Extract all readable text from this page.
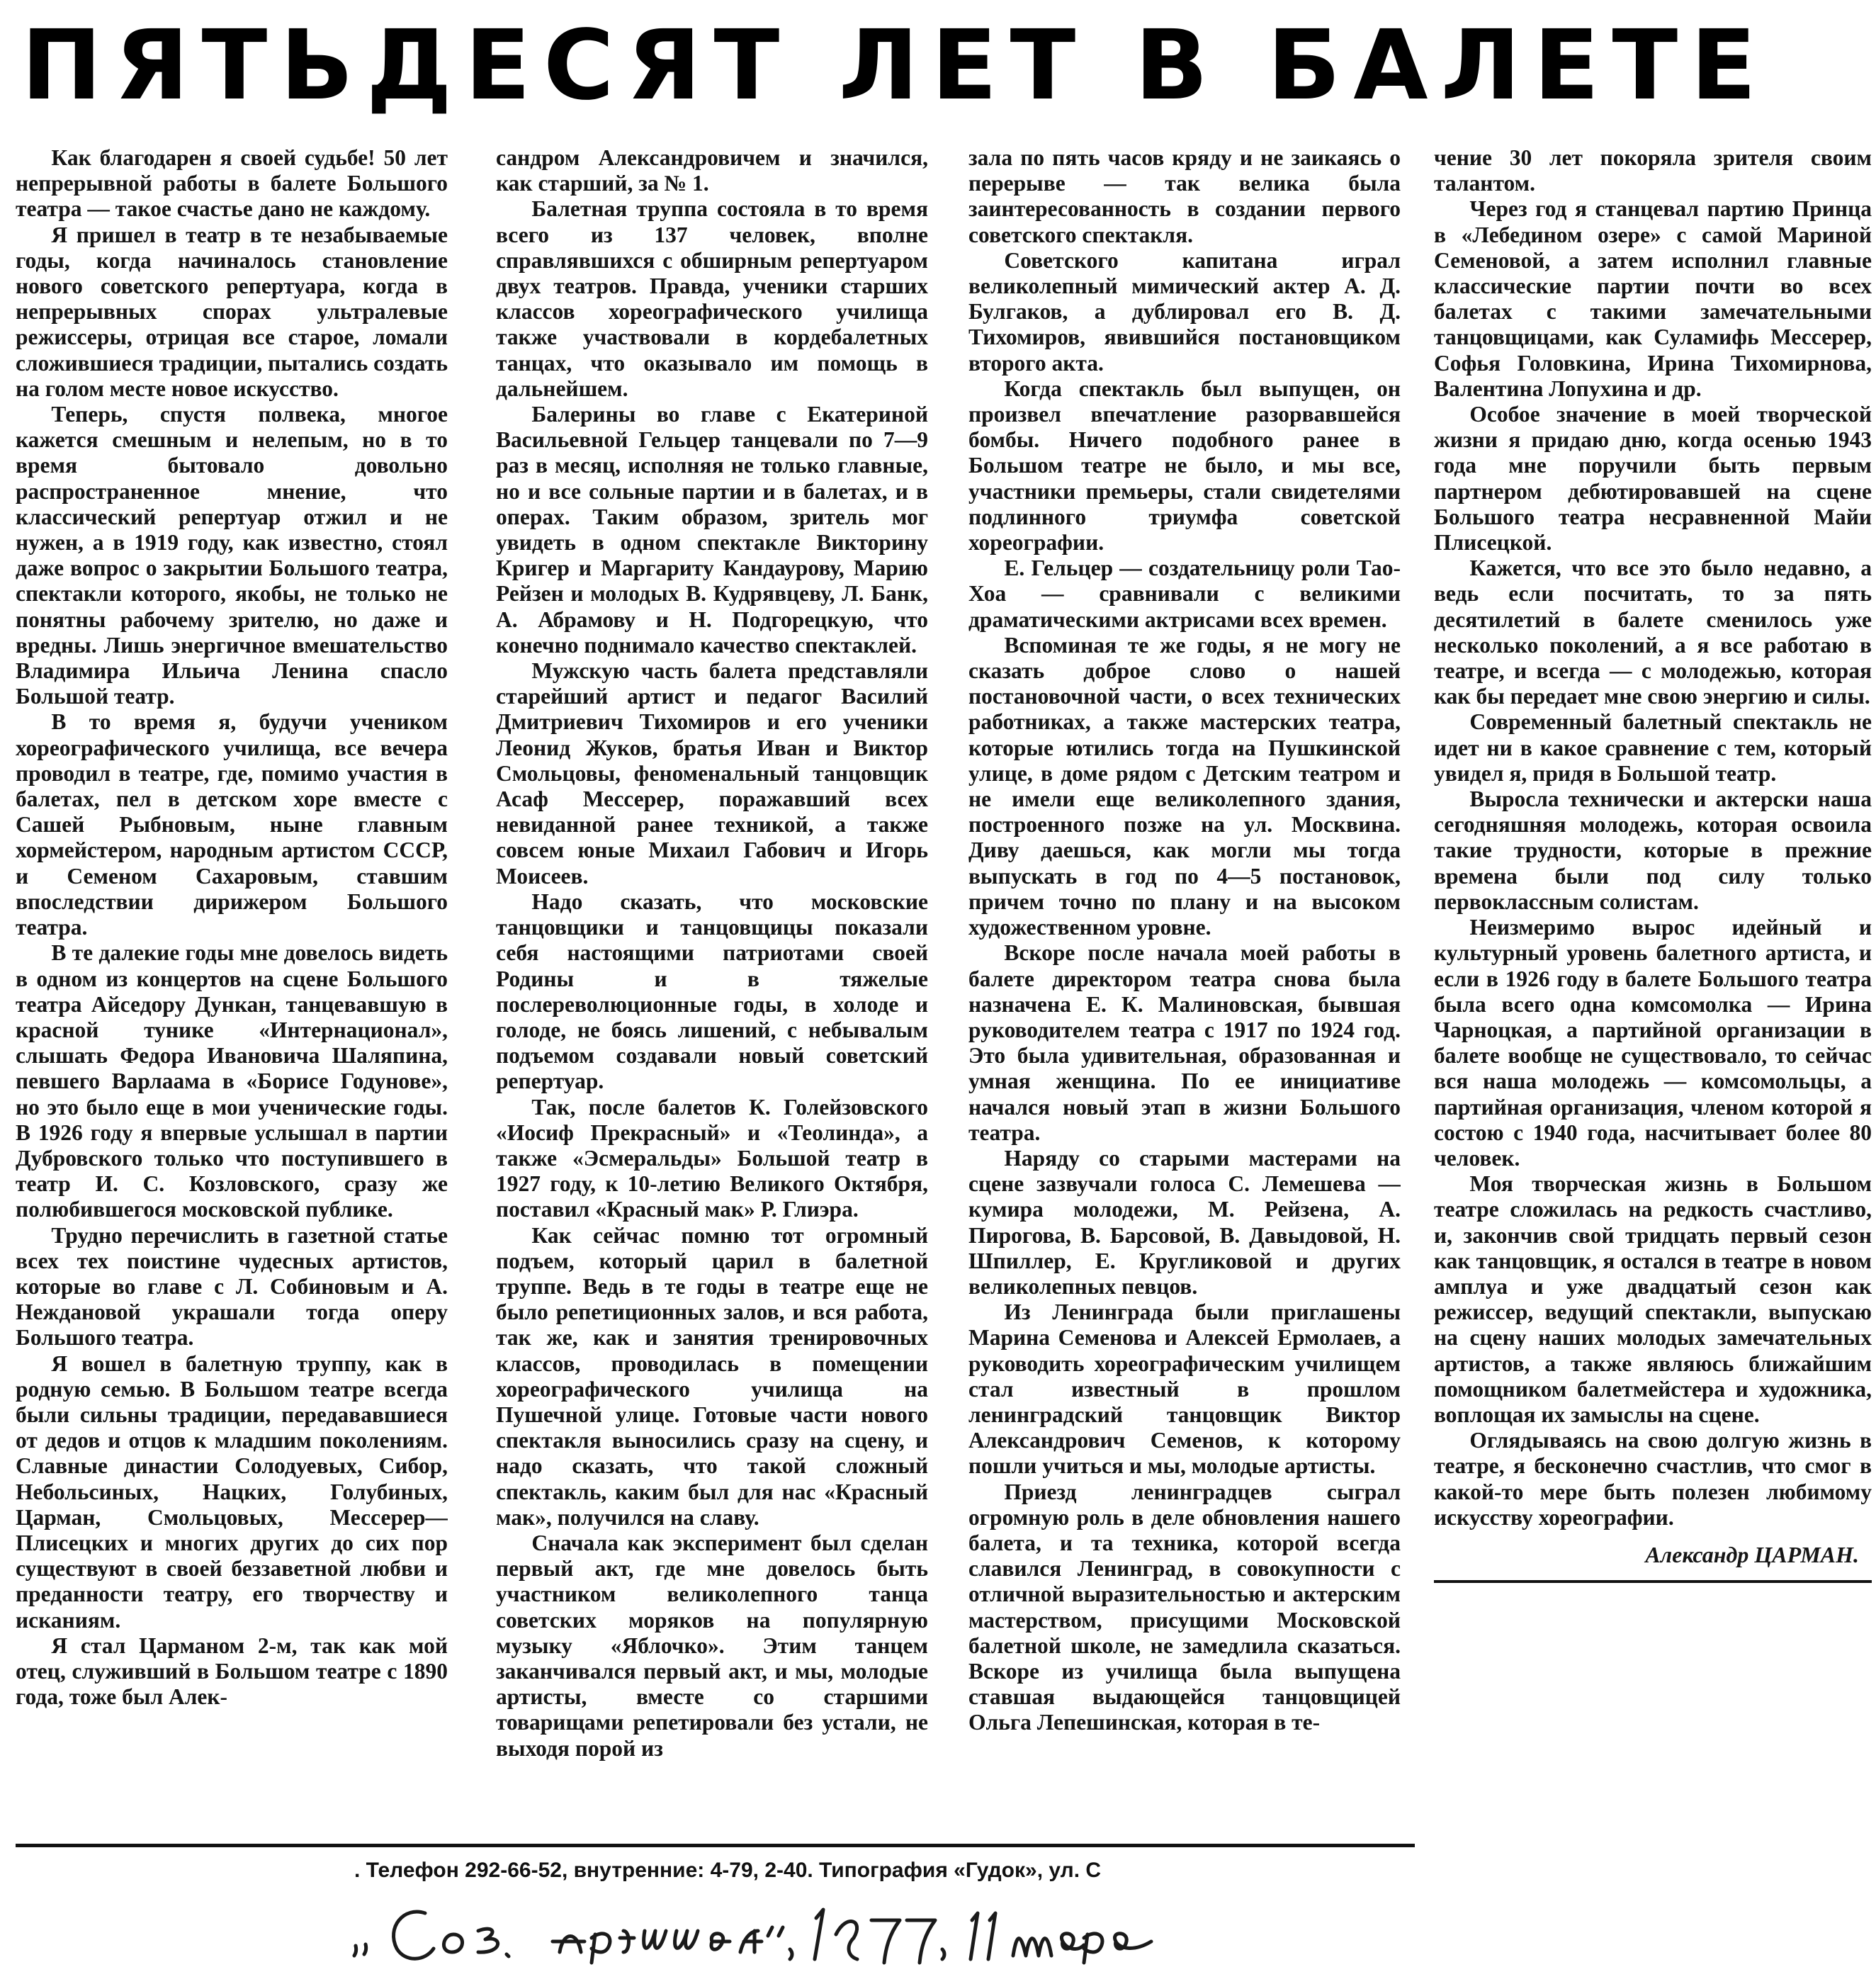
ПЯТЬДЕСЯТ ЛЕТ В БАЛЕТЕ

Как благодарен я своей судьбе! 50 лет непрерывной работы в балете Большого театра — такое счастье дано не каждому.

Я пришел в театр в те незабываемые годы, когда начиналось становление нового советского репертуара, когда в непрерывных спорах ультралевые режиссеры, отрицая все старое, ломали сложившиеся традиции, пытались создать на голом месте новое искусство.

Теперь, спустя полвека, многое кажется смешным и нелепым, но в то время бытовало довольно распространенное мнение, что классический репертуар отжил и не нужен, а в 1919 году, как известно, стоял даже вопрос о закрытии Большого театра, спектакли которого, якобы, не только не понятны рабочему зрителю, но даже и вредны. Лишь энергичное вмешательство Владимира Ильича Ленина спасло Большой театр.

В то время я, будучи учеником хореографического училища, все вечера проводил в театре, где, помимо участия в балетах, пел в детском хоре вместе с Сашей Рыбновым, ныне главным хормейстером, народным артистом СССР, и Семеном Сахаровым, ставшим впоследствии дирижером Большого театра.

В те далекие годы мне довелось видеть в одном из концертов на сцене Большого театра Айседору Дункан, танцевавшую в красной тунике «Интернационал», слышать Федора Ивановича Шаляпина, певшего Варлаама в «Борисе Годунове», но это было еще в мои ученические годы. В 1926 году я впервые услышал в партии Дубровского только что поступившего в театр И. С. Козловского, сразу же полюбившегося московской публике.

Трудно перечислить в газетной статье всех тех поистине чудесных артистов, которые во главе с Л. Собиновым и А. Неждановой украшали тогда оперу Большого театра.

Я вошел в балетную труппу, как в родную семью. В Большом театре всегда были сильны традиции, передававшиеся от дедов и отцов к младшим поколениям. Славные династии Солодуевых, Сибор, Небольсиных, Нацких, Голубиных, Царман, Смольцовых, Мессерер—Плисецких и многих других до сих пор существуют в своей беззаветной любви и преданности театру, его творчеству и исканиям.

Я стал Царманом 2-м, так как мой отец, служивший в Большом театре с 1890 года, тоже был Алек-

сандром Александровичем и значился, как старший, за № 1.

Балетная труппа состояла в то время всего из 137 человек, вполне справлявшихся с обширным репертуаром двух театров. Правда, ученики старших классов хореографического училища также участвовали в кордебалетных танцах, что оказывало им помощь в дальнейшем.

Балерины во главе с Екатериной Васильевной Гельцер танцевали по 7—9 раз в месяц, исполняя не только главные, но и все сольные партии и в балетах, и в операх. Таким образом, зритель мог увидеть в одном спектакле Викторину Кригер и Маргариту Кандаурову, Марию Рейзен и молодых В. Кудрявцеву, Л. Банк, А. Абрамову и Н. Подгорецкую, что конечно поднимало качество спектаклей.

Мужскую часть балета представляли старейший артист и педагог Василий Дмитриевич Тихомиров и его ученики Леонид Жуков, братья Иван и Виктор Смольцовы, феноменальный танцовщик Асаф Мессерер, поражавший всех невиданной ранее техникой, а также совсем юные Михаил Габович и Игорь Моисеев.

Надо сказать, что московские танцовщики и танцовщицы показали себя настоящими патриотами своей Родины и в тяжелые послереволюционные годы, в холоде и голоде, не боясь лишений, с небывалым подъемом создавали новый советский репертуар.

Так, после балетов К. Голейзовского «Иосиф Прекрасный» и «Теолинда», а также «Эсмеральды» Большой театр в 1927 году, к 10-летию Великого Октября, поставил «Красный мак» Р. Глиэра.

Как сейчас помню тот огромный подъем, который царил в балетной труппе. Ведь в те годы в театре еще не было репетиционных залов, и вся работа, так же, как и занятия тренировочных классов, проводилась в помещении хореографического училища на Пушечной улице. Готовые части нового спектакля выносились сразу на сцену, и надо сказать, что такой сложный спектакль, каким был для нас «Красный мак», получился на славу.

Сначала как эксперимент был сделан первый акт, где мне довелось быть участником великолепного танца советских моряков на популярную музыку «Яблочко». Этим танцем заканчивался первый акт, и мы, молодые артисты, вместе со старшими товарищами репетировали без устали, не выходя порой из

зала по пять часов кряду и не заикаясь о перерыве — так велика была заинтересованность в создании первого советского спектакля.

Советского капитана играл великолепный мимический актер А. Д. Булгаков, а дублировал его В. Д. Тихомиров, явившийся постановщиком второго акта.

Когда спектакль был выпущен, он произвел впечатление разорвавшейся бомбы. Ничего подобного ранее в Большом театре не было, и мы все, участники премьеры, стали свидетелями подлинного триумфа советской хореографии.

Е. Гельцер — создательницу роли Тао-Хоа — сравнивали с великими драматическими актрисами всех времен.

Вспоминая те же годы, я не могу не сказать доброе слово о нашей постановочной части, о всех технических работниках, а также мастерских театра, которые ютились тогда на Пушкинской улице, в доме рядом с Детским театром и не имели еще великолепного здания, построенного позже на ул. Москвина. Диву даешься, как могли мы тогда выпускать в год по 4—5 постановок, причем точно по плану и на высоком художественном уровне.

Вскоре после начала моей работы в балете директором театра снова была назначена Е. К. Малиновская, бывшая руководителем театра с 1917 по 1924 год. Это была удивительная, образованная и умная женщина. По ее инициативе начался новый этап в жизни Большого театра.

Наряду со старыми мастерами на сцене зазвучали голоса С. Лемешева — кумира молодежи, М. Рейзена, А. Пирогова, В. Барсовой, В. Давыдовой, Н. Шпиллер, Е. Кругликовой и других великолепных певцов.

Из Ленинграда были приглашены Марина Семенова и Алексей Ермолаев, а руководить хореографическим училищем стал известный в прошлом ленинградский танцовщик Виктор Александрович Семенов, к которому пошли учиться и мы, молодые артисты.

Приезд ленинградцев сыграл огромную роль в деле обновления нашего балета, и та техника, которой всегда славился Ленинград, в совокупности с отличной выразительностью и актерским мастерством, присущими Московской балетной школе, не замедлила сказаться. Вскоре из училища была выпущена ставшая выдающейся танцовщицей Ольга Лепешинская, которая в те-

чение 30 лет покоряла зрителя своим талантом.

Через год я станцевал партию Принца в «Лебедином озере» с самой Мариной Семеновой, а затем исполнил главные классические партии почти во всех балетах с такими замечательными танцовщицами, как Суламифь Мессерер, Софья Головкина, Ирина Тихомирнова, Валентина Лопухина и др.

Особое значение в моей творческой жизни я придаю дню, когда осенью 1943 года мне поручили быть первым партнером дебютировавшей на сцене Большого театра несравненной Майи Плисецкой.

Кажется, что все это было недавно, а ведь если посчитать, то за пять десятилетий в балете сменилось уже несколько поколений, а я все работаю в театре, и всегда — с молодежью, которая как бы передает мне свою энергию и силы.

Современный балетный спектакль не идет ни в какое сравнение с тем, который увидел я, придя в Большой театр.

Выросла технически и актерски наша сегодняшняя молодежь, которая освоила такие трудности, которые в прежние времена были под силу только первоклассным солистам.

Неизмеримо вырос идейный и культурный уровень балетного артиста, и если в 1926 году в балете Большого театра была всего одна комсомолка — Ирина Чарноцкая, а партийной организации в балете вообще не существовало, то сейчас вся наша молодежь — комсомольцы, а партийная организация, членом которой я состою с 1940 года, насчитывает более 80 человек.

Моя творческая жизнь в Большом театре сложилась на редкость счастливо, и, закончив свой тридцать первый сезон как танцовщик, я остался в театре в новом амплуа и уже двадцатый сезон как режиссер, ведущий спектакли, выпускаю на сцену наших молодых замечательных артистов, а также являюсь ближайшим помощником балетмейстера и художника, воплощая их замыслы на сцене.

Оглядываясь на свою долгую жизнь в театре, я бесконечно счастлив, что смог в какой-то мере быть полезен любимому искусству хореографии.

Александр ЦАРМАН.
. Телефон 292-66-52, внутренние: 4-79, 2-40. Типография «Гудок», ул. С
